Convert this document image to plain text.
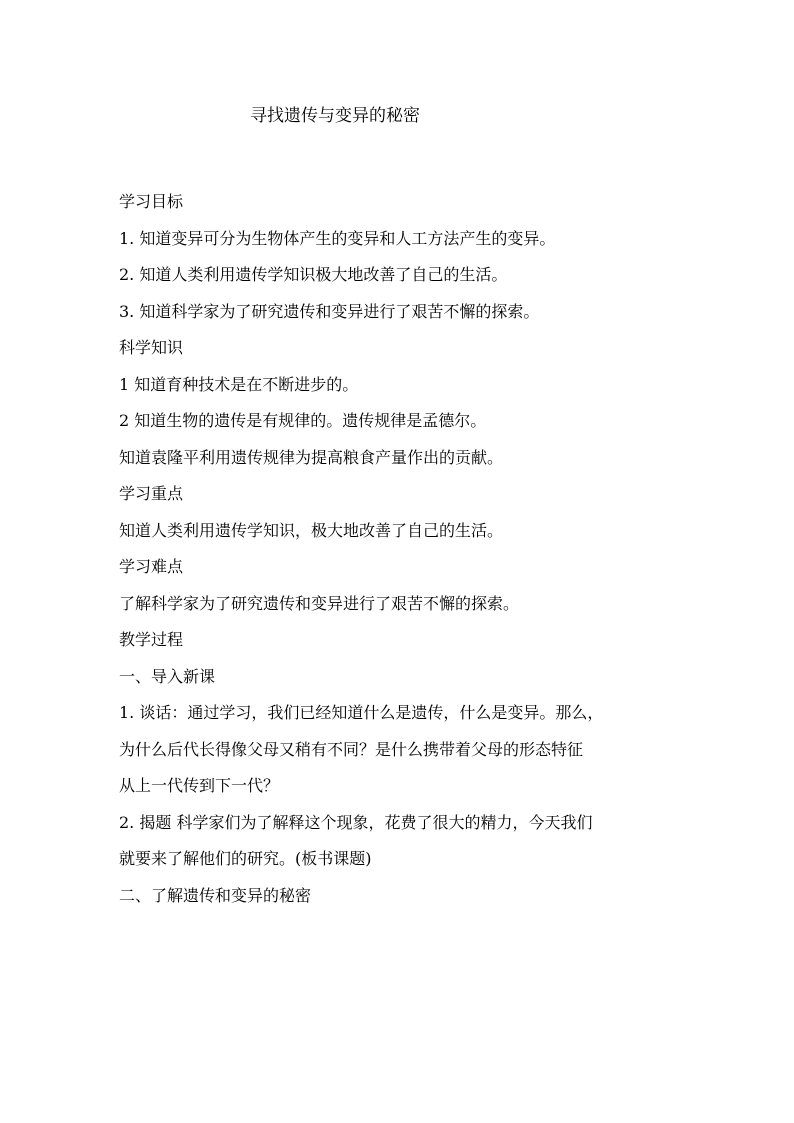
寻找遗传与变异的秘密
学习目标
1. 知道变异可分为生物体产生的变异和人工方法产生的变异。
2. 知道人类利用遗传学知识极大地改善了自己的生活。
3. 知道科学家为了研究遗传和变异进行了艰苦不懈的探索。
科学知识
1 知道育种技术是在不断进步的。
2 知道生物的遗传是有规律的。遗传规律是孟德尔。
知道袁隆平利用遗传规律为提高粮食产量作出的贡献。
学习重点
知道人类利用遗传学知识，极大地改善了自己的生活。
学习难点
了解科学家为了研究遗传和变异进行了艰苦不懈的探索。
教学过程
一、导入新课
1. 谈话：通过学习，我们已经知道什么是遗传，什么是变异。那么，
为什么后代长得像父母又稍有不同？是什么携带着父母的形态特征
从上一代传到下一代？
2. 揭题 科学家们为了解释这个现象，花费了很大的精力，今天我们
就要来了解他们的研究。(板书课题)
二、了解遗传和变异的秘密
